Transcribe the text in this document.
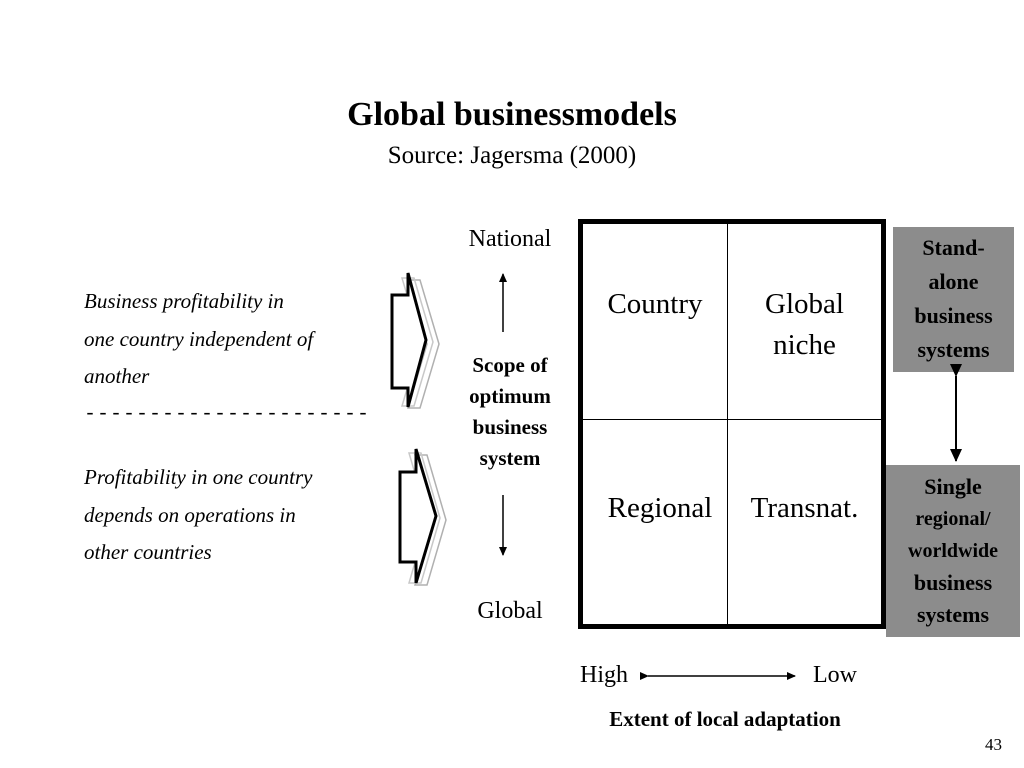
Global businessmodels
Source: Jagersma (2000)
Business profitability in
one country independent of
another
----------------------
Profitability in one country
depends on operations in
other countries
National
Scope of
optimum
business
system
Global
Country	Global
niche
Regional	Transnat.
Stand-
alone
business
systems
Single
regional/
worldwide
business
systems
High	Low
Extent of local adaptation
43
